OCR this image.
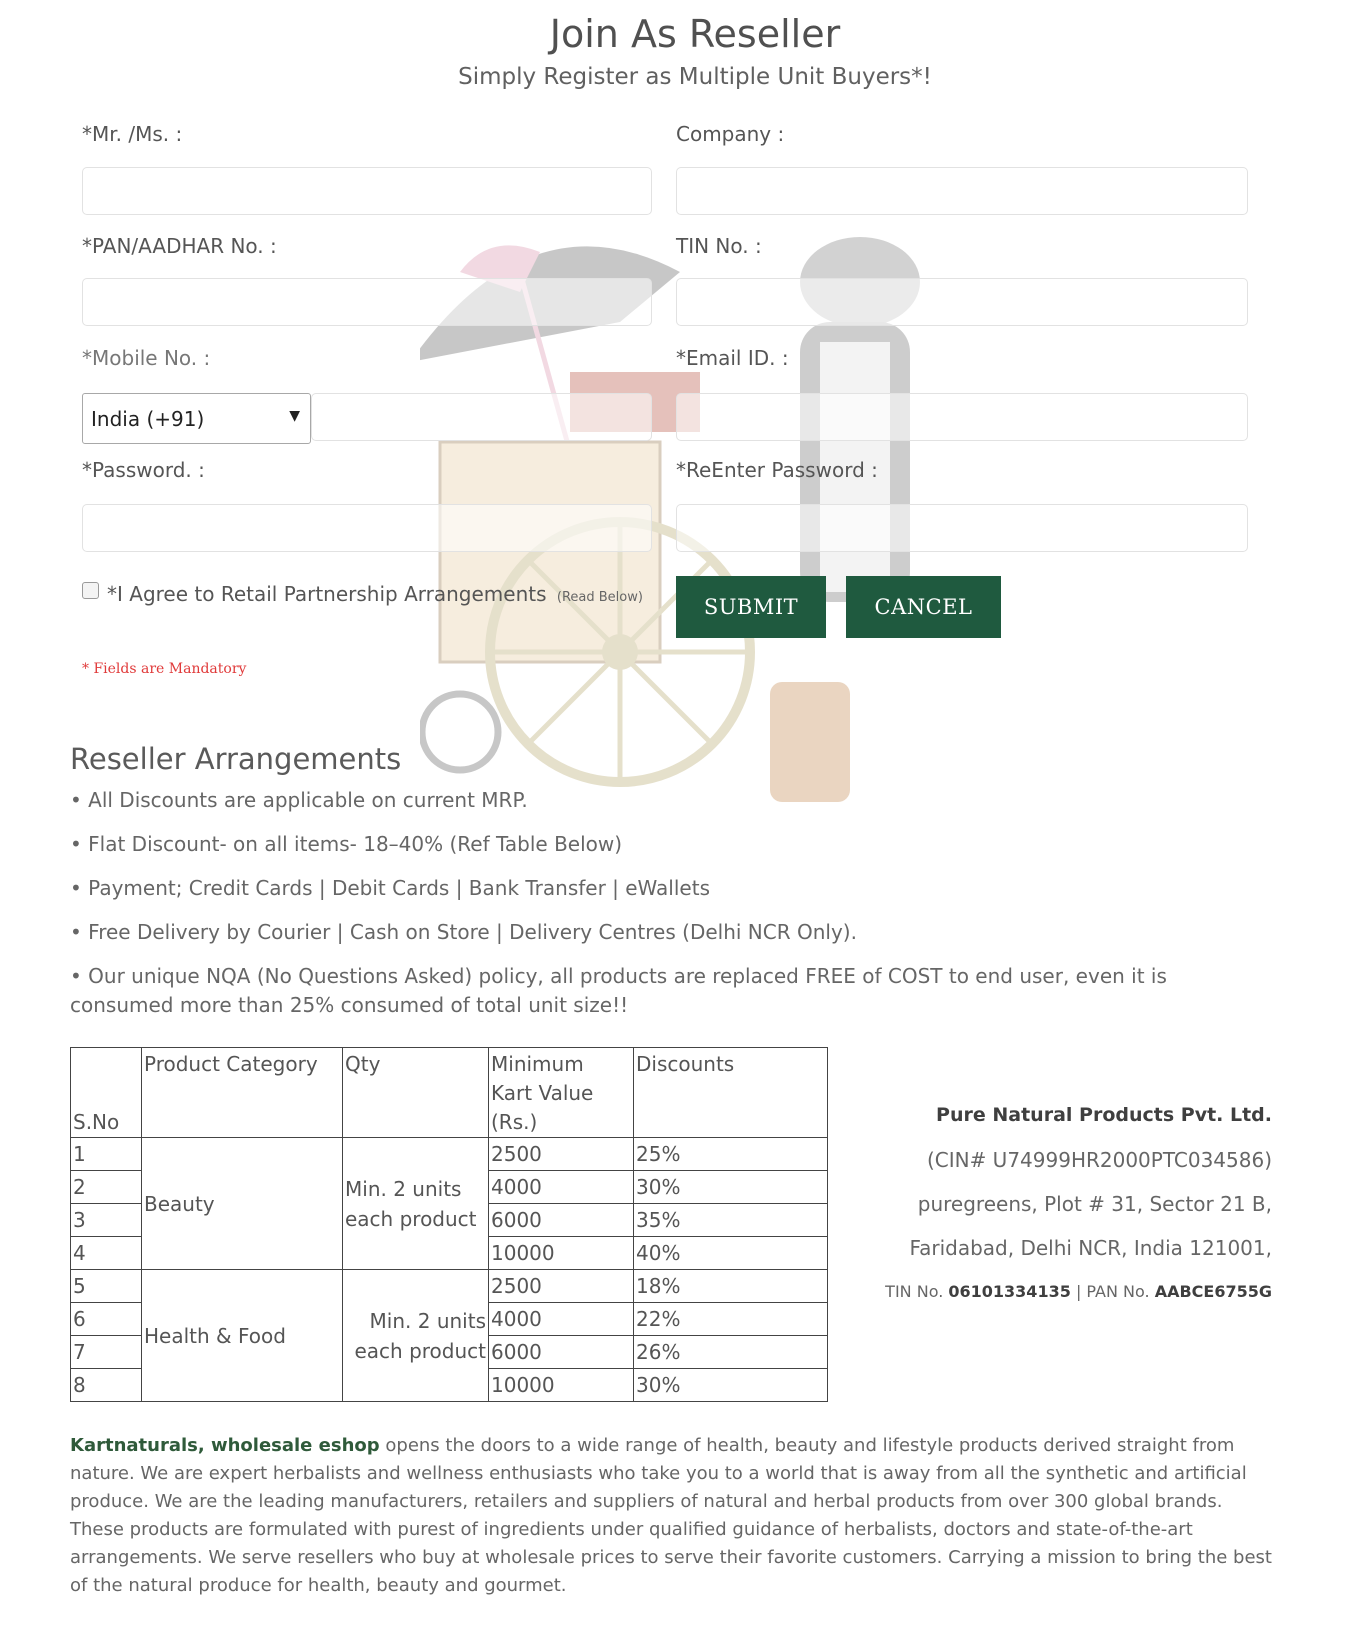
Join As Reseller
Simply Register as Multiple Unit Buyers*!
*Mr. /Ms. :	Company :
*PAN/AADHAR No. :	TIN No. :
*Mobile No. :	*Email ID. :
*Password. :	*ReEnter Password :
India (+91)	▼
*I Agree to Retail Partnership Arrangements (Read Below)	SUBMIT	CANCEL
* Fields are Mandatory
Reseller Arrangements
• All Discounts are applicable on current MRP.
• Flat Discount- on all items- 18–40% (Ref Table Below)
• Payment; Credit Cards | Debit Cards | Bank Transfer | eWallets
• Free Delivery by Courier | Cash on Store | Delivery Centres (Delhi NCR Only).
• Our unique NQA (No Questions Asked) policy, all products are replaced FREE of COST to end user, even it is consumed more than 25% consumed of total unit size!!
S.No	Product Category	Qty	Minimum Kart Value (Rs.)	Discounts
1	Beauty	Min. 2 units each product	2500	25%
2			4000	30%
3			6000	35%
4			10000	40%
5	Health & Food	Min. 2 units each product	2500	18%
6			4000	22%
7			6000	26%
8			10000	30%
Pure Natural Products Pvt. Ltd.
(CIN# U74999HR2000PTC034586)
puregreens, Plot # 31, Sector 21 B,
Faridabad, Delhi NCR, India 121001,
TIN No. 06101334135 | PAN No. AABCE6755G
Kartnaturals, wholesale eshop opens the doors to a wide range of health, beauty and lifestyle products derived straight from nature. We are expert herbalists and wellness enthusiasts who take you to a world that is away from all the synthetic and artificial produce. We are the leading manufacturers, retailers and suppliers of natural and herbal products from over 300 global brands. These products are formulated with purest of ingredients under qualified guidance of herbalists, doctors and state-of-the-art arrangements. We serve resellers who buy at wholesale prices to serve their favorite customers. Carrying a mission to bring the best of the natural produce for health, beauty and gourmet.
